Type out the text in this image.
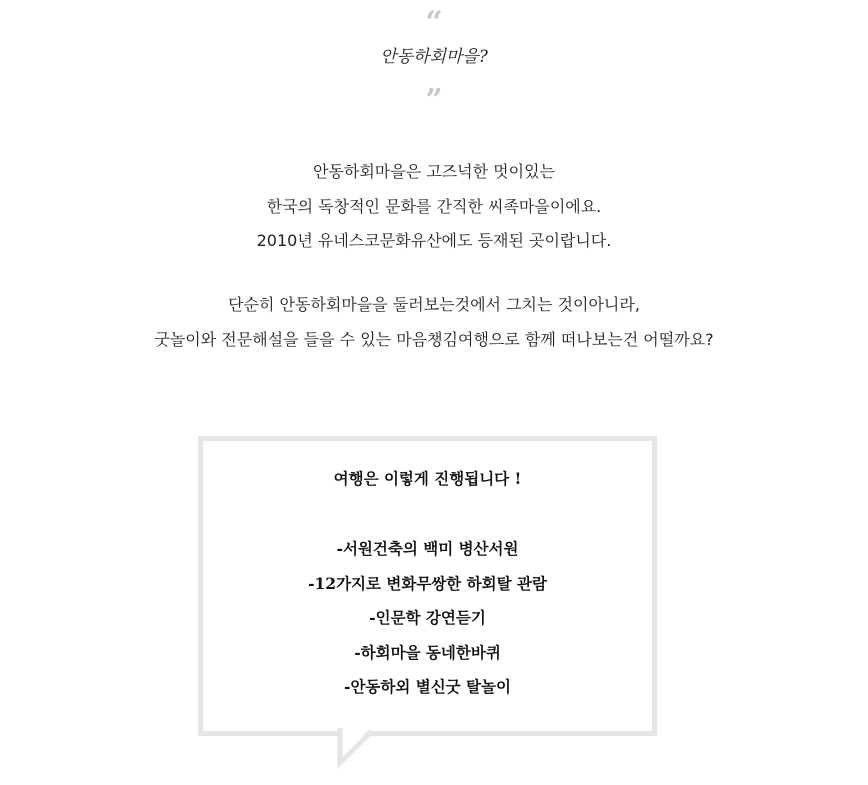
“
안동하회마을?
”

안동하회마을은 고즈넉한 멋이있는

한국의 독창적인 문화를 간직한 씨족마을이에요.

2010년 유네스코문화유산에도 등재된 곳이랍니다.

단순히 안동하회마을을 둘러보는것에서 그치는 것이아니라,

굿놀이와 전문해설을 들을 수 있는 마음챙김여행으로 함께 떠나보는건 어떨까요?

여행은 이렇게 진행됩니다 !
-서원건축의 백미 병산서원
-12가지로 변화무쌍한 하회탈 관람
-인문학 강연듣기
-하회마을 동네한바퀴
-안동하외 별신굿 탈놀이
